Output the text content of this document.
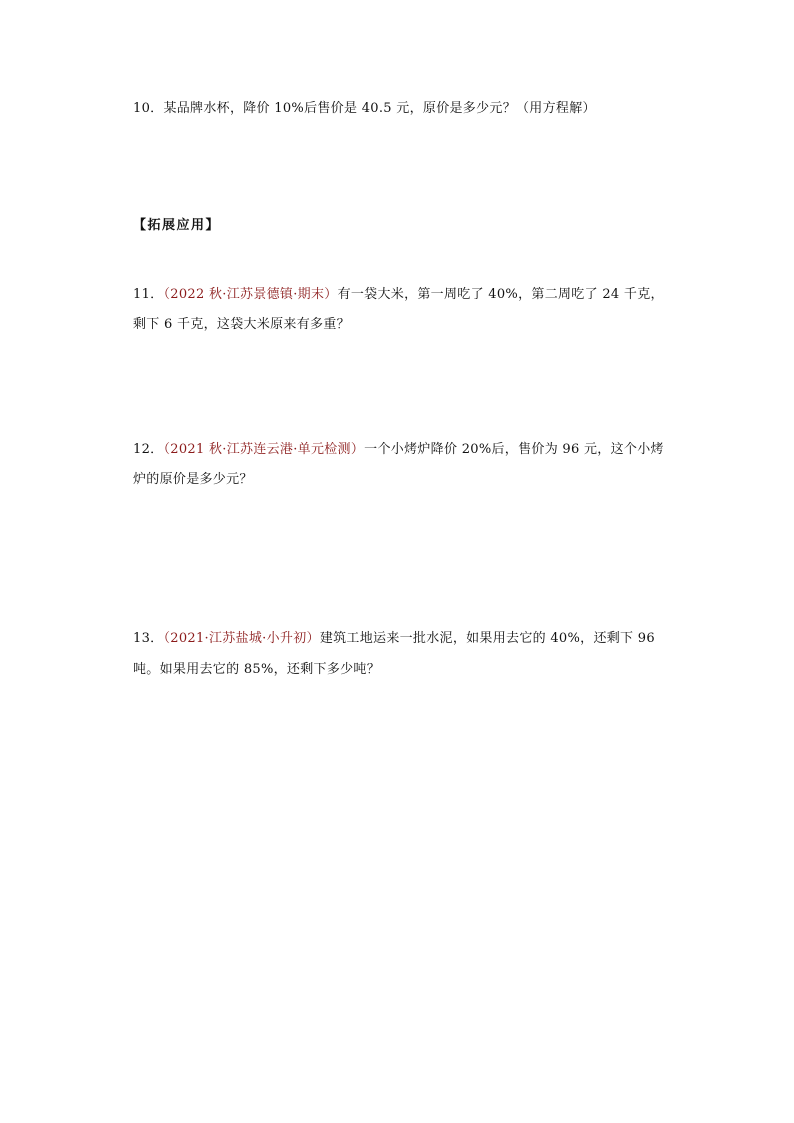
10．某品牌水杯，降价 10%后售价是 40.5 元，原价是多少元？（用方程解）
【拓展应用】
11．（2022 秋·江苏景德镇·期末）有一袋大米，第一周吃了 40%，第二周吃了 24 千克，
剩下 6 千克，这袋大米原来有多重？
12．（2021 秋·江苏连云港·单元检测）一个小烤炉降价 20%后，售价为 96 元，这个小烤
炉的原价是多少元？
13．（2021·江苏盐城·小升初）建筑工地运来一批水泥，如果用去它的 40%，还剩下 96
吨。如果用去它的 85%，还剩下多少吨？
